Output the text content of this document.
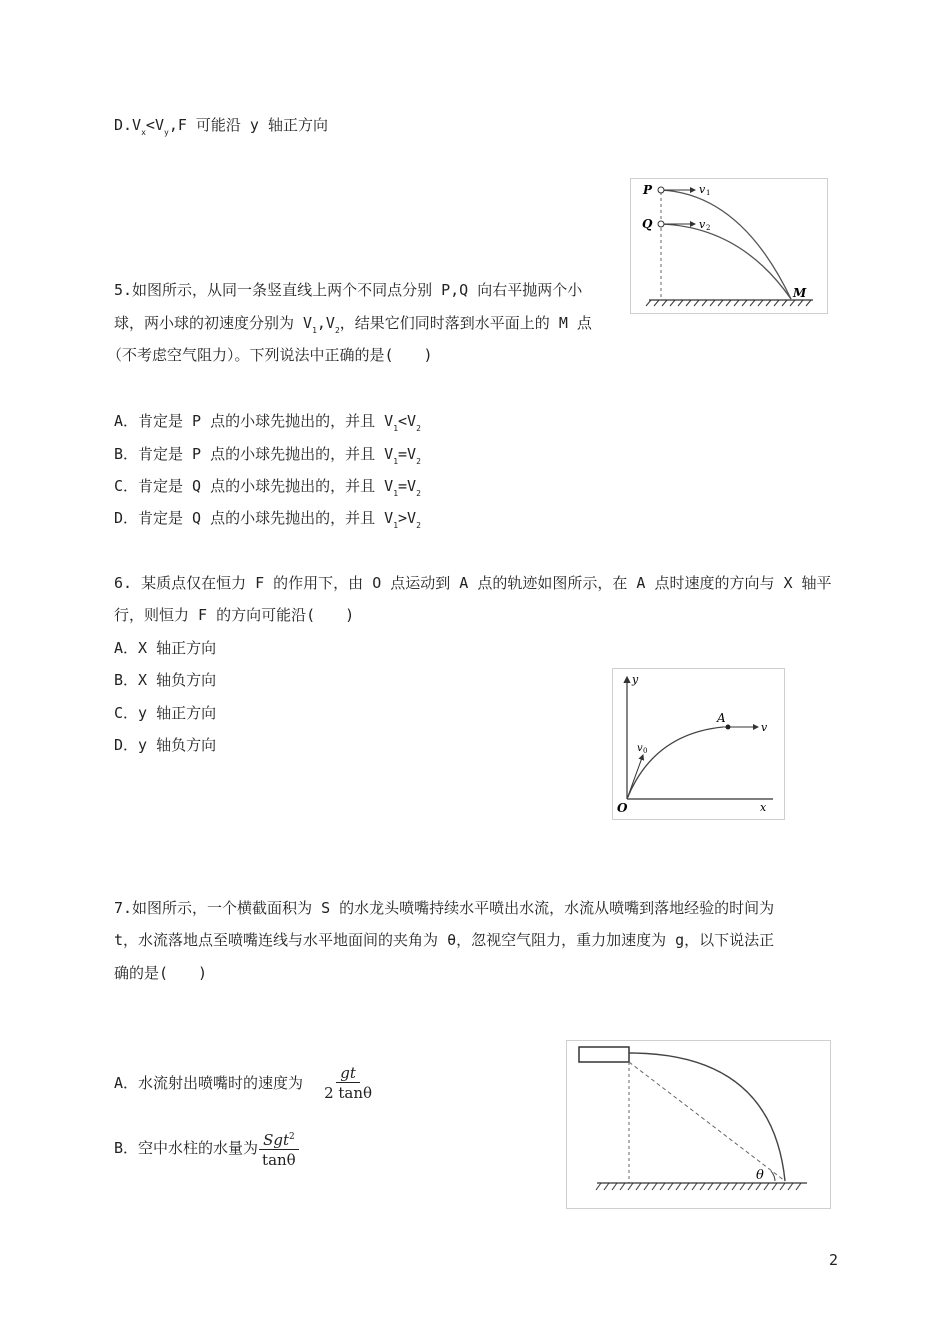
$D.V_x<V_y,F$ 可能沿 y 轴正方向
P
Q
M
v 1
v 2
5.如图所示，从同一条竖直线上两个不同点分别 P,Q 向右平抛两个小
球，两小球的初速度分别为 $V_1,V_2$，结果它们同时落到水平面上的 M 点
（不考虑空气阻力）。下列说法中正确的是(　　)
A．肯定是 P 点的小球先抛出的，并且 $V_1<V_2$
B．肯定是 P 点的小球先抛出的，并且 $V_1=V_2$
C．肯定是 Q 点的小球先抛出的，并且 $V_1=V_2$
D．肯定是 Q 点的小球先抛出的，并且 $V_1>V_2$
6. 某质点仅在恒力 F 的作用下，由 O 点运动到 A 点的轨迹如图所示，在 A 点时速度的方向与 X 轴平
行，则恒力 F 的方向可能沿(　　)
A．X 轴正方向
B．X 轴负方向
C．y 轴正方向
D．y 轴负方向
y
x
O
A
v
v 0
7.如图所示，一个横截面积为 S 的水龙头喷嘴持续水平喷出水流，水流从喷嘴到落地经验的时间为
t，水流落地点至喷嘴连线与水平地面间的夹角为 θ，忽视空气阻力，重力加速度为 g，以下说法正
确的是(　　)
A．水流射出喷嘴时的速度为 $\frac{gt}{2 \tan\theta}$
B．空中水柱的水量为 $\frac{Sgt^2}{\tan\theta}$
θ
2
